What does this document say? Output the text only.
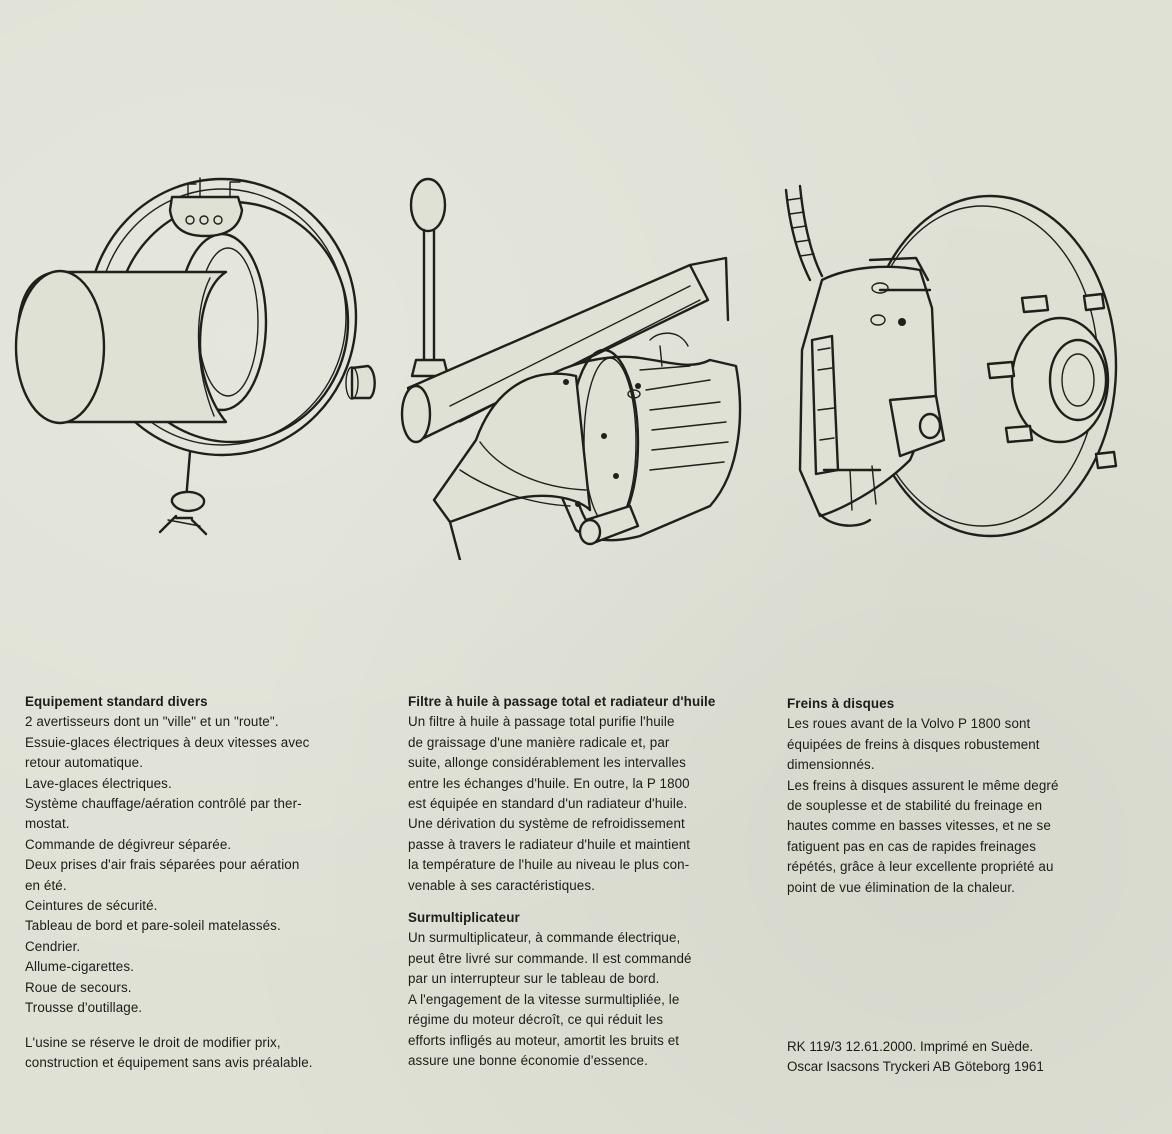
Equipement standard divers

2 avertisseurs dont un "ville" et un "route".
Essuie-glaces électriques à deux vitesses avec
retour automatique.
Lave-glaces électriques.
Système chauffage/aération contrôlé par ther-
mostat.
Commande de dégivreur séparée.
Deux prises d'air frais séparées pour aération
en été.
Ceintures de sécurité.
Tableau de bord et pare-soleil matelassés.
Cendrier.
Allume-cigarettes.
Roue de secours.
Trousse d'outillage.

L'usine se réserve le droit de modifier prix,
construction et équipement sans avis préalable.

Filtre à huile à passage total et radiateur d'huile

Un filtre à huile à passage total purifie l'huile
de graissage d'une manière radicale et, par
suite, allonge considérablement les intervalles
entre les échanges d'huile. En outre, la P 1800
est équipée en standard d'un radiateur d'huile.
Une dérivation du système de refroidissement
passe à travers le radiateur d'huile et maintient
la température de l'huile au niveau le plus con-
venable à ses caractéristiques.

Surmultiplicateur

Un surmultiplicateur, à commande électrique,
peut être livré sur commande. Il est commandé
par un interrupteur sur le tableau de bord.
A l'engagement de la vitesse surmultipliée, le
régime du moteur décroît, ce qui réduit les
efforts infligés au moteur, amortit les bruits et
assure une bonne économie d'essence.

Freins à disques

Les roues avant de la Volvo P 1800 sont
équipées de freins à disques robustement
dimensionnés.

Les freins à disques assurent le même degré
de souplesse et de stabilité du freinage en
hautes comme en basses vitesses, et ne se
fatiguent pas en cas de rapides freinages
répétés, grâce à leur excellente propriété au
point de vue élimination de la chaleur.

RK 119/3 12.61.2000. Imprimé en Suède.
Oscar Isacsons Tryckeri AB Göteborg 1961
